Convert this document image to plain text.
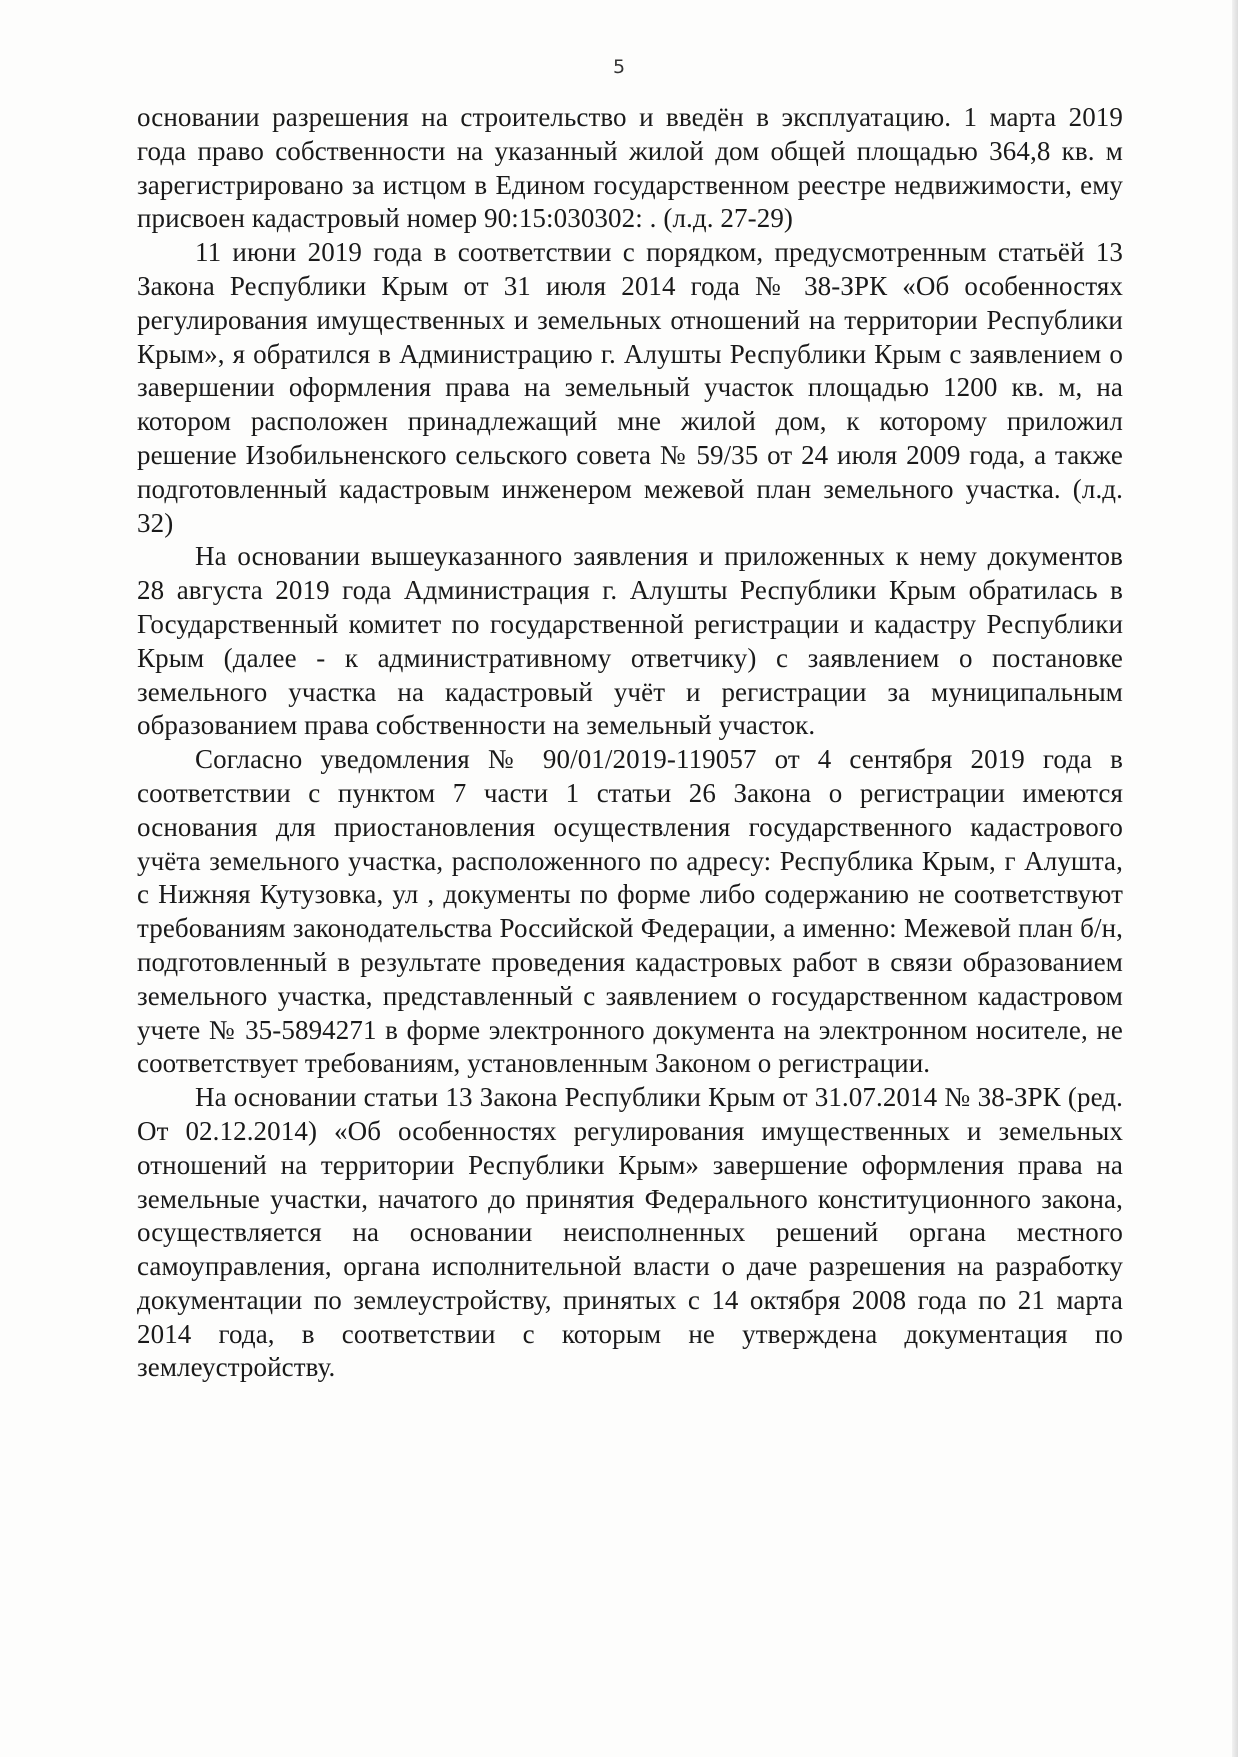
5

основании разрешения на строительство и введён в эксплуатацию. 1 марта 2019 года право собственности на указанный жилой дом общей площадью 364,8 кв. м зарегистрировано за истцом в Едином государственном реестре недвижимости, ему присвоен кадастровый номер 90:15:030302: . (л.д. 27-29)

11 июни 2019 года в соответствии с порядком, предусмотренным статьёй 13 Закона Республики Крым от 31 июля 2014 года № 38-ЗРК «Об особенностях регулирования имущественных и земельных отношений на территории Республики Крым», я обратился в Администрацию г. Алушты Республики Крым с заявлением о завершении оформления права на земельный участок площадью 1200 кв. м, на котором расположен принадлежащий мне жилой дом, к которому приложил решение Изобильненского сельского совета № 59/35 от 24 июля 2009 года, а также подготовленный кадастровым инженером межевой план земельного участка. (л.д. 32)

На основании вышеуказанного заявления и приложенных к нему документов 28 августа 2019 года Администрация г. Алушты Республики Крым обратилась в Государственный комитет по государственной регистрации и кадастру Республики Крым (далее - к административному ответчику) с заявлением о постановке земельного участка на кадастровый учёт и регистрации за муниципальным образованием права собственности на земельный участок.

Согласно уведомления № 90/01/2019-119057 от 4 сентября 2019 года в соответствии с пунктом 7 части 1 статьи 26 Закона о регистрации имеются основания для приостановления осуществления государственного кадастрового учёта земельного участка, расположенного по адресу: Республика Крым, г Алушта, с Нижняя Кутузовка, ул , документы по форме либо содержанию не соответствуют требованиям законодательства Российской Федерации, а именно: Межевой план б/н, подготовленный в результате проведения кадастровых работ в связи образованием земельного участка, представленный с заявлением о государственном кадастровом учете № 35-5894271 в форме электронного документа на электронном носителе, не соответствует требованиям, установленным Законом о регистрации.

На основании статьи 13 Закона Республики Крым от 31.07.2014 № 38-ЗРК (ред. От 02.12.2014) «Об особенностях регулирования имущественных и земельных отношений на территории Республики Крым» завершение оформления права на земельные участки, начатого до принятия Федерального конституционного закона, осуществляется на основании неисполненных решений органа местного самоуправления, органа исполнительной власти о даче разрешения на разработку документации по землеустройству, принятых с 14 октября 2008 года по 21 марта 2014 года, в соответствии с которым не утверждена документация по землеустройству.
